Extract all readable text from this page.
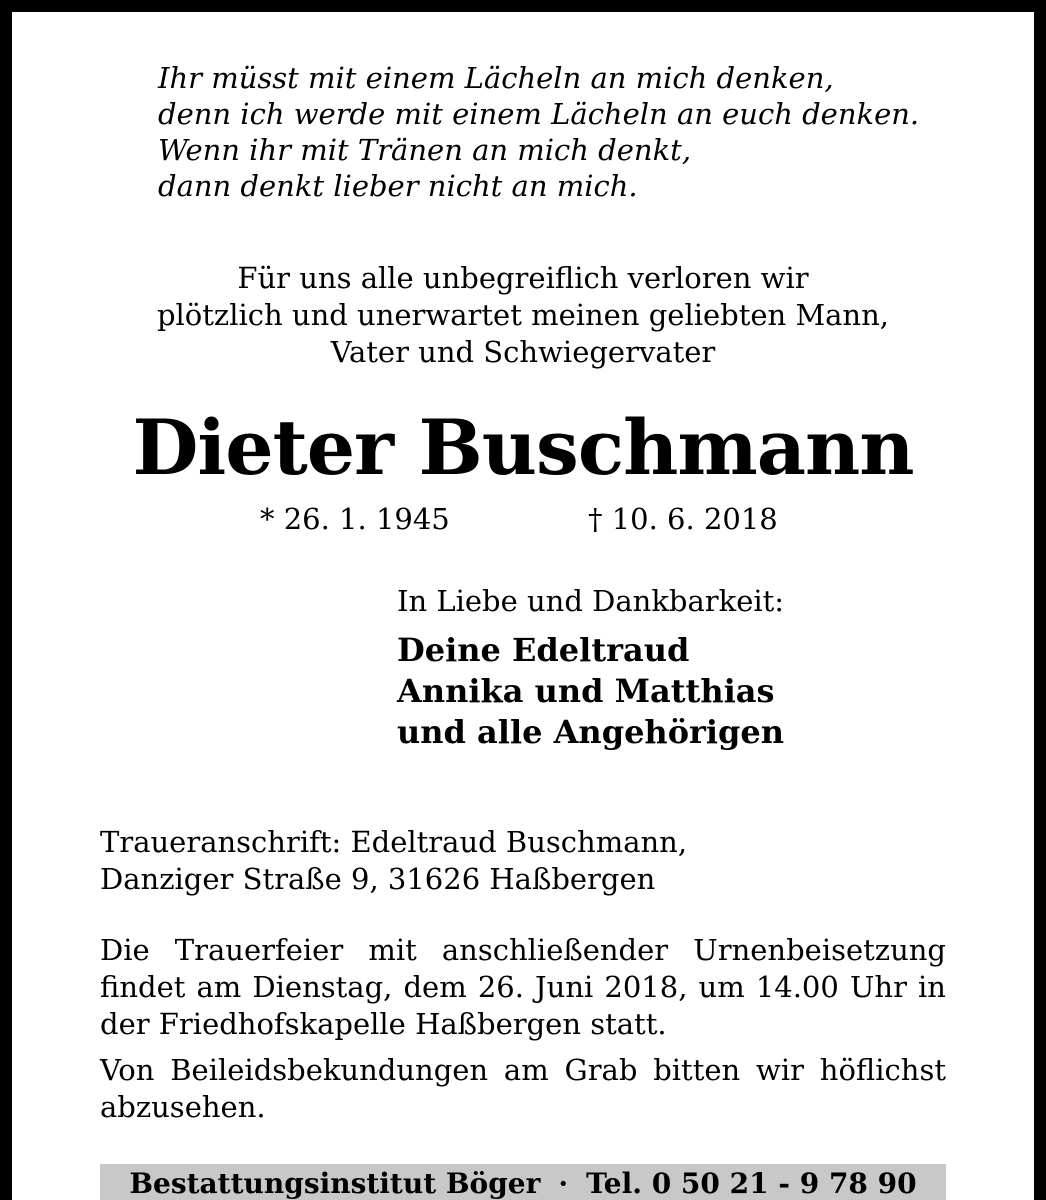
Ihr müsst mit einem Lächeln an mich denken,
denn ich werde mit einem Lächeln an euch denken.
Wenn ihr mit Tränen an mich denkt,
dann denkt lieber nicht an mich.
Für uns alle unbegreiflich verloren wir
plötzlich und unerwartet meinen geliebten Mann,
Vater und Schwiegervater
Dieter Buschmann
* 26. 1. 1945	† 10. 6. 2018
In Liebe und Dankbarkeit:
Deine Edeltraud
Annika und Matthias
und alle Angehörigen
Traueranschrift: Edeltraud Buschmann,
Danziger Straße 9, 31626 Haßbergen

Die Trauerfeier mit anschließender Urnenbeisetzung findet am Dienstag, dem 26. Juni 2018, um 14.00 Uhr in der Friedhofskapelle Haßbergen statt.

Von Beileidsbekundungen am Grab bitten wir höflichst abzusehen.

Bestattungsinstitut Böger · Tel. 0 50 21 - 9 78 90
